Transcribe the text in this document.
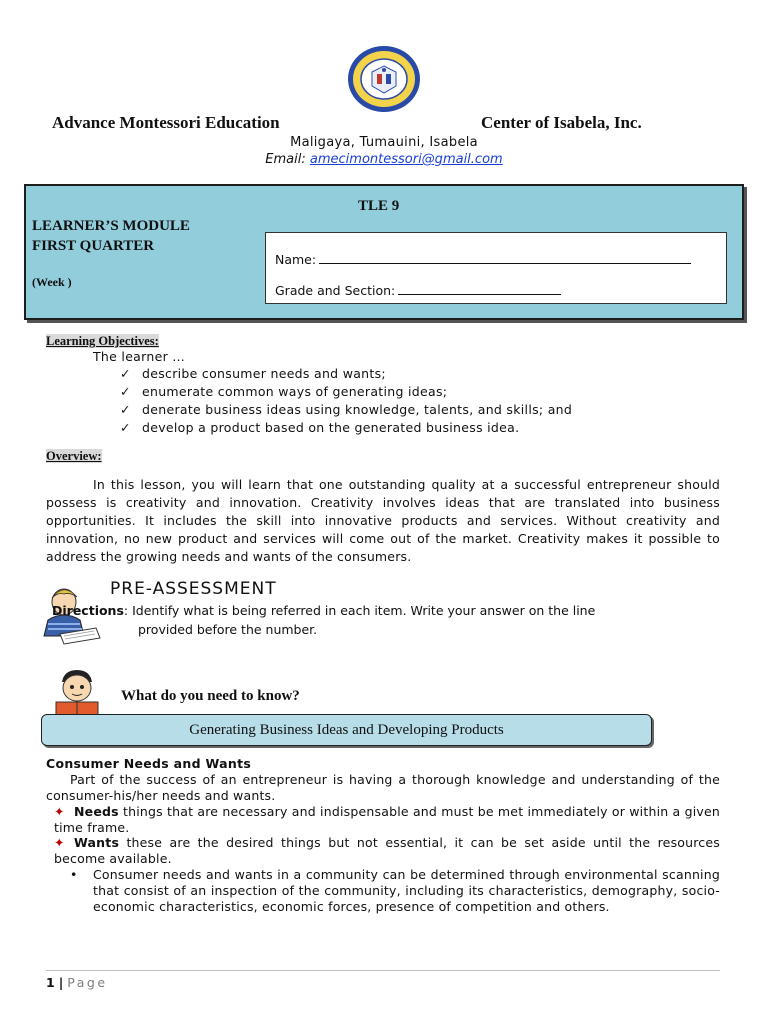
Advance Montessori Education	Center of Isabela, Inc.
Maligaya, Tumauini, Isabela
Email: amecimontessori@gmail.com
TLE 9
LEARNER’S MODULE
FIRST QUARTER
(Week )
Name:
Grade and Section:
Learning Objectives:
The learner …
✓ describe consumer needs and wants;
✓ enumerate common ways of generating ideas;
✓ denerate business ideas using knowledge, talents, and skills; and
✓ develop a product based on the generated business idea.
Overview:

In this lesson, you will learn that one outstanding quality at a successful entrepreneur should possess is creativity and innovation. Creativity involves ideas that are translated into business opportunities. It includes the skill into innovative products and services. Without creativity and innovation, no new product and services will come out of the market. Creativity makes it possible to address the growing needs and wants of the consumers.

PRE-ASSESSMENT
Directions: Identify what is being referred in each item. Write your answer on the line
provided before the number.
What do you need to know?
Generating Business Ideas and Developing Products
Consumer Needs and Wants

Part of the success of an entrepreneur is having a thorough knowledge and understanding of the consumer-his/her needs and wants.

✦ Needs things that are necessary and indispensable and must be met immediately or within a given time frame.
✦ Wants these are the desired things but not essential, it can be set aside until the resources become available.
• Consumer needs and wants in a community can be determined through environmental scanning that consist of an inspection of the community, including its characteristics, demography, socio-economic characteristics, economic forces, presence of competition and others.
1 | Page
